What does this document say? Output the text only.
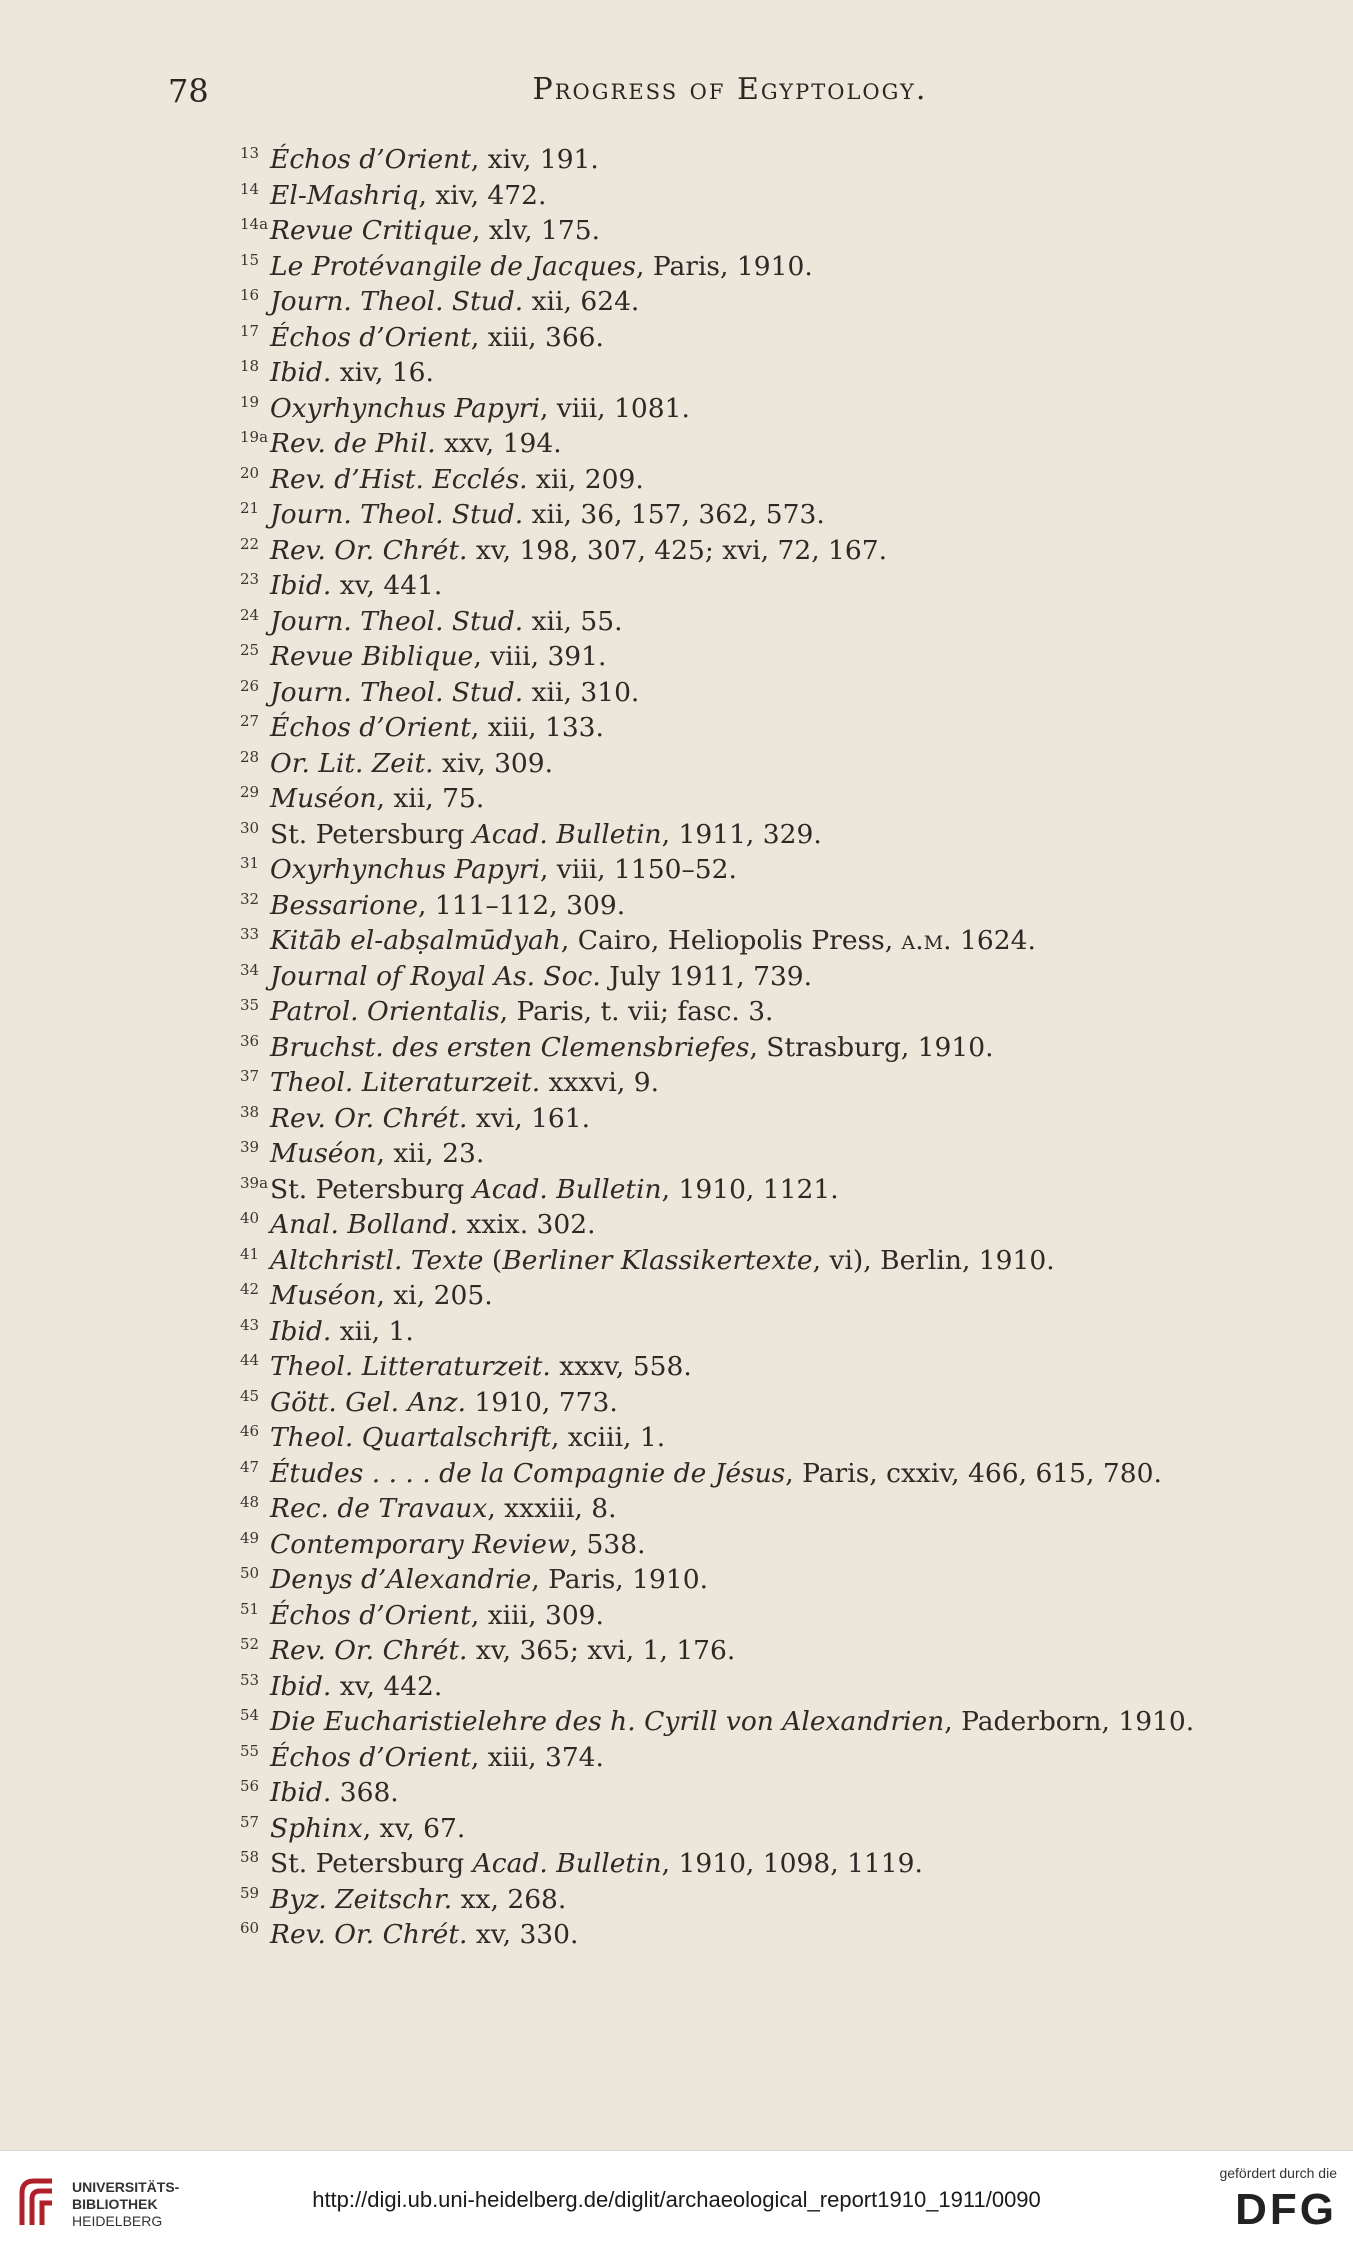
78	Progress of Egyptology.
13 Échos d’Orient, xiv, 191.
14 El-Mashriq, xiv, 472.
14aRevue Critique, xlv, 175.
15 Le Protévangile de Jacques, Paris, 1910.
16 Journ. Theol. Stud. xii, 624.
17 Échos d’Orient, xiii, 366.
18 Ibid. xiv, 16.
19 Oxyrhynchus Papyri, viii, 1081.
19aRev. de Phil. xxv, 194.
20 Rev. d’Hist. Ecclés. xii, 209.
21 Journ. Theol. Stud. xii, 36, 157, 362, 573.
22 Rev. Or. Chrét. xv, 198, 307, 425; xvi, 72, 167.
23 Ibid. xv, 441.
24 Journ. Theol. Stud. xii, 55.
25 Revue Biblique, viii, 391.
26 Journ. Theol. Stud. xii, 310.
27 Échos d’Orient, xiii, 133.
28 Or. Lit. Zeit. xiv, 309.
29 Muséon, xii, 75.
30 St. Petersburg Acad. Bulletin, 1911, 329.
31 Oxyrhynchus Papyri, viii, 1150–52.
32 Bessarione, 111–112, 309.
33 Kitāb el-abṣalmūdyah, Cairo, Heliopolis Press, a.m. 1624.
34 Journal of Royal As. Soc. July 1911, 739.
35 Patrol. Orientalis, Paris, t. vii; fasc. 3.
36 Bruchst. des ersten Clemensbriefes, Strasburg, 1910.
37 Theol. Literaturzeit. xxxvi, 9.
38 Rev. Or. Chrét. xvi, 161.
39 Muséon, xii, 23.
39aSt. Petersburg Acad. Bulletin, 1910, 1121.
40 Anal. Bolland. xxix. 302.
41 Altchristl. Texte (Berliner Klassikertexte, vi), Berlin, 1910.
42 Muséon, xi, 205.
43 Ibid. xii, 1.
44 Theol. Litteraturzeit. xxxv, 558.
45 Gött. Gel. Anz. 1910, 773.
46 Theol. Quartalschrift, xciii, 1.
47 Études . . . . de la Compagnie de Jésus, Paris, cxxiv, 466, 615, 780.
48 Rec. de Travaux, xxxiii, 8.
49 Contemporary Review, 538.
50 Denys d’Alexandrie, Paris, 1910.
51 Échos d’Orient, xiii, 309.
52 Rev. Or. Chrét. xv, 365; xvi, 1, 176.
53 Ibid. xv, 442.
54 Die Eucharistielehre des h. Cyrill von Alexandrien, Paderborn, 1910.
55 Échos d’Orient, xiii, 374.
56 Ibid. 368.
57 Sphinx, xv, 67.
58 St. Petersburg Acad. Bulletin, 1910, 1098, 1119.
59 Byz. Zeitschr. xx, 268.
60 Rev. Or. Chrét. xv, 330.
UNIVERSITÄTS-
BIBLIOTHEK
HEIDELBERG
http://digi.ub.uni-heidelberg.de/diglit/archaeological_report1910_1911/0090
gefördert durch die
DFG
